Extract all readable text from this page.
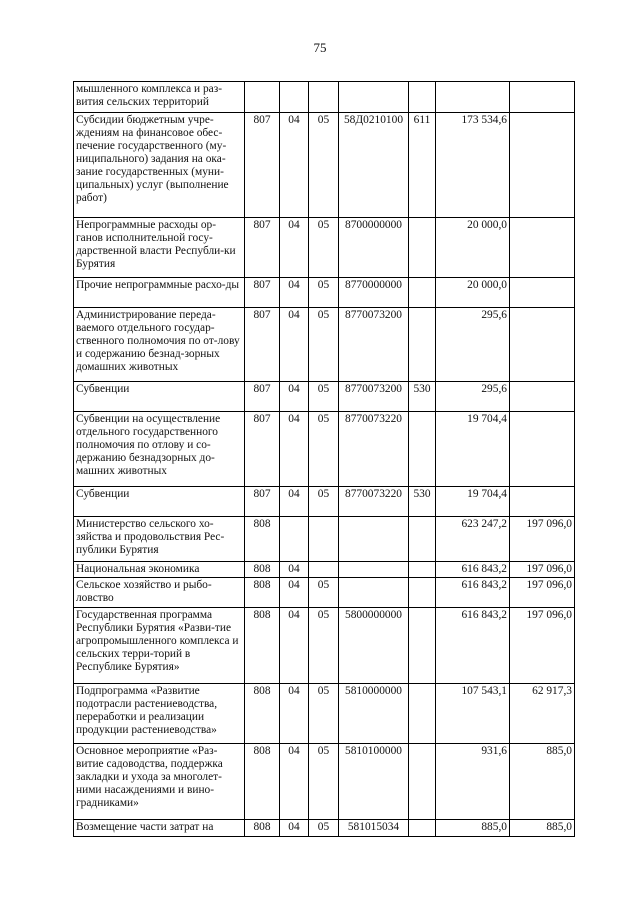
75
мышленного комплекса и раз-вития сельских территорий							
Субсидии бюджетным учре-ждениям на финансовое обес-печение государственного (му-ниципального) задания на ока-зание государственных (муни-ципальных) услуг (выполнение работ)	807	04	05	58Д0210100	611	173 534,6	
Непрограммные расходы ор-ганов исполнительной госу-дарственной власти Республи-ки Бурятия	807	04	05	8700000000		20 000,0	
Прочие непрограммные расхо-ды	807	04	05	8770000000		20 000,0	
Администрирование переда-ваемого отдельного государ-ственного полномочия по от-лову и содержанию безнад-зорных домашних животных	807	04	05	8770073200		295,6	
Субвенции	807	04	05	8770073200	530	295,6	
Субвенции на осуществление отдельного государственного полномочия по отлову и со-держанию безнадзорных до-машних животных	807	04	05	8770073220		19 704,4	
Субвенции	807	04	05	8770073220	530	19 704,4	
Министерство сельского хо-зяйства и продовольствия Рес-публики Бурятия	808					623 247,2	197 096,0
Национальная экономика	808	04				616 843,2	197 096,0
Сельское хозяйство и рыбо-ловство	808	04	05			616 843,2	197 096,0
Государственная программа Республики Бурятия «Разви-тие агропромышленного комплекса и сельских терри-торий в Республике Бурятия»	808	04	05	5800000000		616 843,2	197 096,0
Подпрограмма «Развитие подотрасли растениеводства, переработки и реализации продукции растениеводства»	808	04	05	5810000000		107 543,1	62 917,3
Основное мероприятие «Раз-витие садоводства, поддержка закладки и ухода за многолет-ними насаждениями и вино-градниками»	808	04	05	5810100000		931,6	885,0
Возмещение части затрат на	808	04	05	581015034		885,0	885,0
